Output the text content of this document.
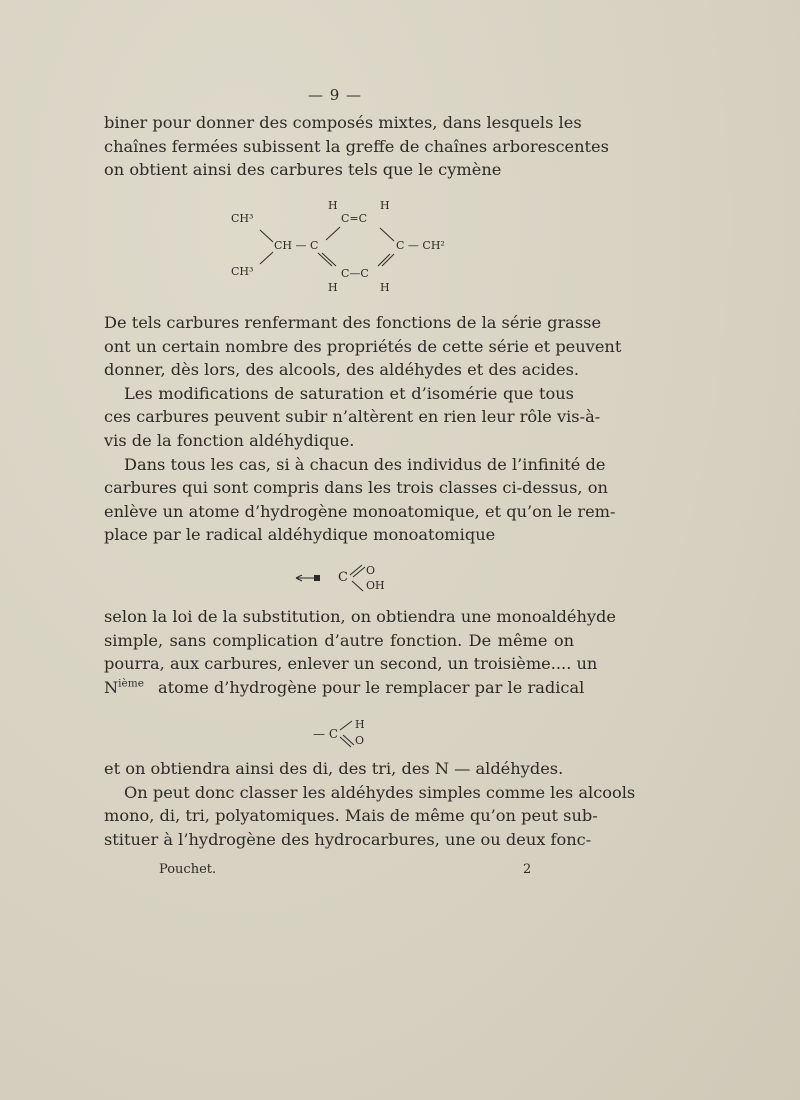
— 9 —
biner pour donner des composés mixtes, dans lesquels les
chaînes fermées subissent la greffe de chaînes arborescentes
on obtient ainsi des carbures tels que le cymène
H	H
CH³	C=C
CH — C	C — CH²
CH³	C—C
H	H
De tels carbures renfermant des fonctions de la série grasse
ont un certain nombre des propriétés de cette série et peuvent
donner, dès lors, des alcools, des aldéhydes et des acides.
Les modifications de saturation et d’isomérie que tous
ces carbures peuvent subir n’altèrent en rien leur rôle vis-à-
vis de la fonction aldéhydique.
Dans tous les cas, si à chacun des individus de l’infinité de
carbures qui sont compris dans les trois classes ci-dessus, on
enlève un atome d’hydrogène monoatomique, et qu’on le rem-
place par le radical aldéhydique monoatomique
C O
OH
selon la loi de la substitution, on obtiendra une monoaldéhyde
simple, sans complication d’autre fonction. De même on
pourra, aux carbures, enlever un second, un troisième.... un
$N^{ième}$ atome d’hydrogène pour le remplacer par le radical
— C
H
O
et on obtiendra ainsi des di, des tri, des N — aldéhydes.
On peut donc classer les aldéhydes simples comme les alcools
mono, di, tri, polyatomiques. Mais de même qu’on peut sub-
stituer à l’hydrogène des hydrocarbures, une ou deux fonc-
Pouchet.	2
